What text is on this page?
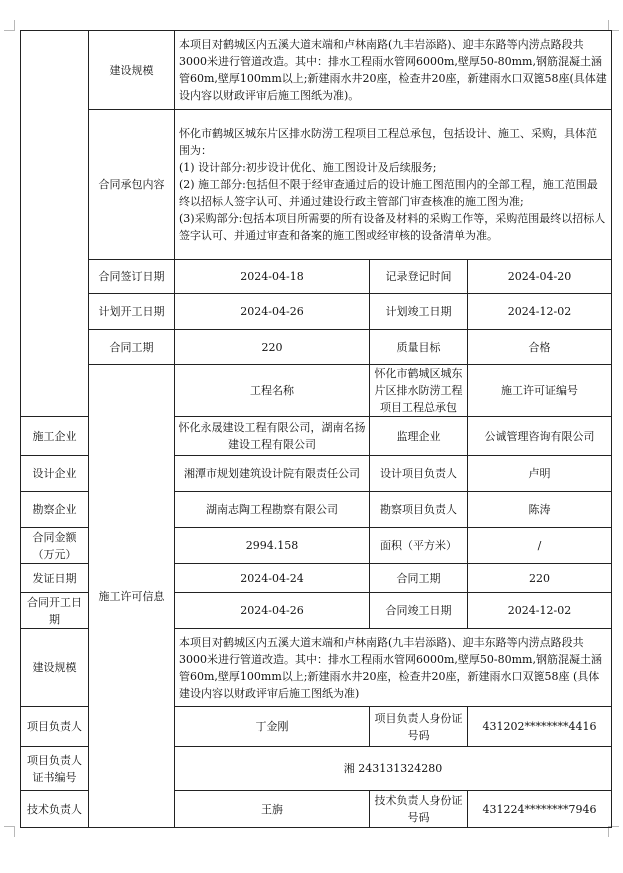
	建设规模	本项目对鹤城区内五溪大道末端和卢林南路(九丰岩添路)、迎丰东路等内涝点路段共3000米进行管道改造。其中：排水工程雨水管网6000m,壁厚50-80mm,钢筋混凝土涵管60m,壁厚100mm以上;新建雨水井20座，检查井20座，新建雨水口双篦58座(具体建设内容以财政评审后施工图纸为准)。			
	合同承包内容	怀化市鹤城区城东片区排水防涝工程项目工程总承包，包括设计、施工、采购，具体范围为：
(1) 设计部分:初步设计优化、施工图设计及后续服务;
(2) 施工部分:包括但不限于经审查通过后的设计施工图范围内的全部工程，施工范围最终以招标人签字认可、并通过建设行政主管部门审查核准的施工图为准;
(3)采购部分:包括本项目所需要的所有设备及材料的采购工作等，采购范围最终以招标人签字认可、并通过审查和备案的施工图或经审核的设备清单为准。			

	合同签订日期	2024-04-18	记录登记时间	2024-04-20	
	计划开工日期	2024-04-26	计划竣工日期	2024-12-02	
	合同工期	220	质量目标	合格	
	施工许可信息	工程名称	怀化市鹤城区城东片区排水防涝工程项目工程总承包	施工许可证编号	
施工企业		怀化永晟建设工程有限公司，湖南名扬建设工程有限公司	监理企业	公诚管理咨询有限公司	
设计企业		湘潭市规划建筑设计院有限责任公司	设计项目负责人	卢明	
勘察企业		湖南志陶工程勘察有限公司	勘察项目负责人	陈涛	
合同金额（万元）		2994.158	面积（平方米）	/	
发证日期		2024-04-24	合同工期	220	
合同开工日期		2024-04-26	合同竣工日期	2024-12-02	
建设规模		本项目对鹤城区内五溪大道末端和卢林南路(九丰岩添路)、迎丰东路等内涝点路段共3000米进行管道改造。其中：排水工程雨水管网6000m,壁厚50-80mm,钢筋混凝土涵管60m,壁厚100mm以上;新建雨水井20座，检查井20座，新建雨水口双篦58座 (具体建设内容以财政评审后施工图纸为准)			
项目负责人		丁金刚	项目负责人身份证号码	431202********4416	
项目负责人证书编号		湘 243131324280			
技术负责人		王旃	技术负责人身份证号码	431224********7946	
